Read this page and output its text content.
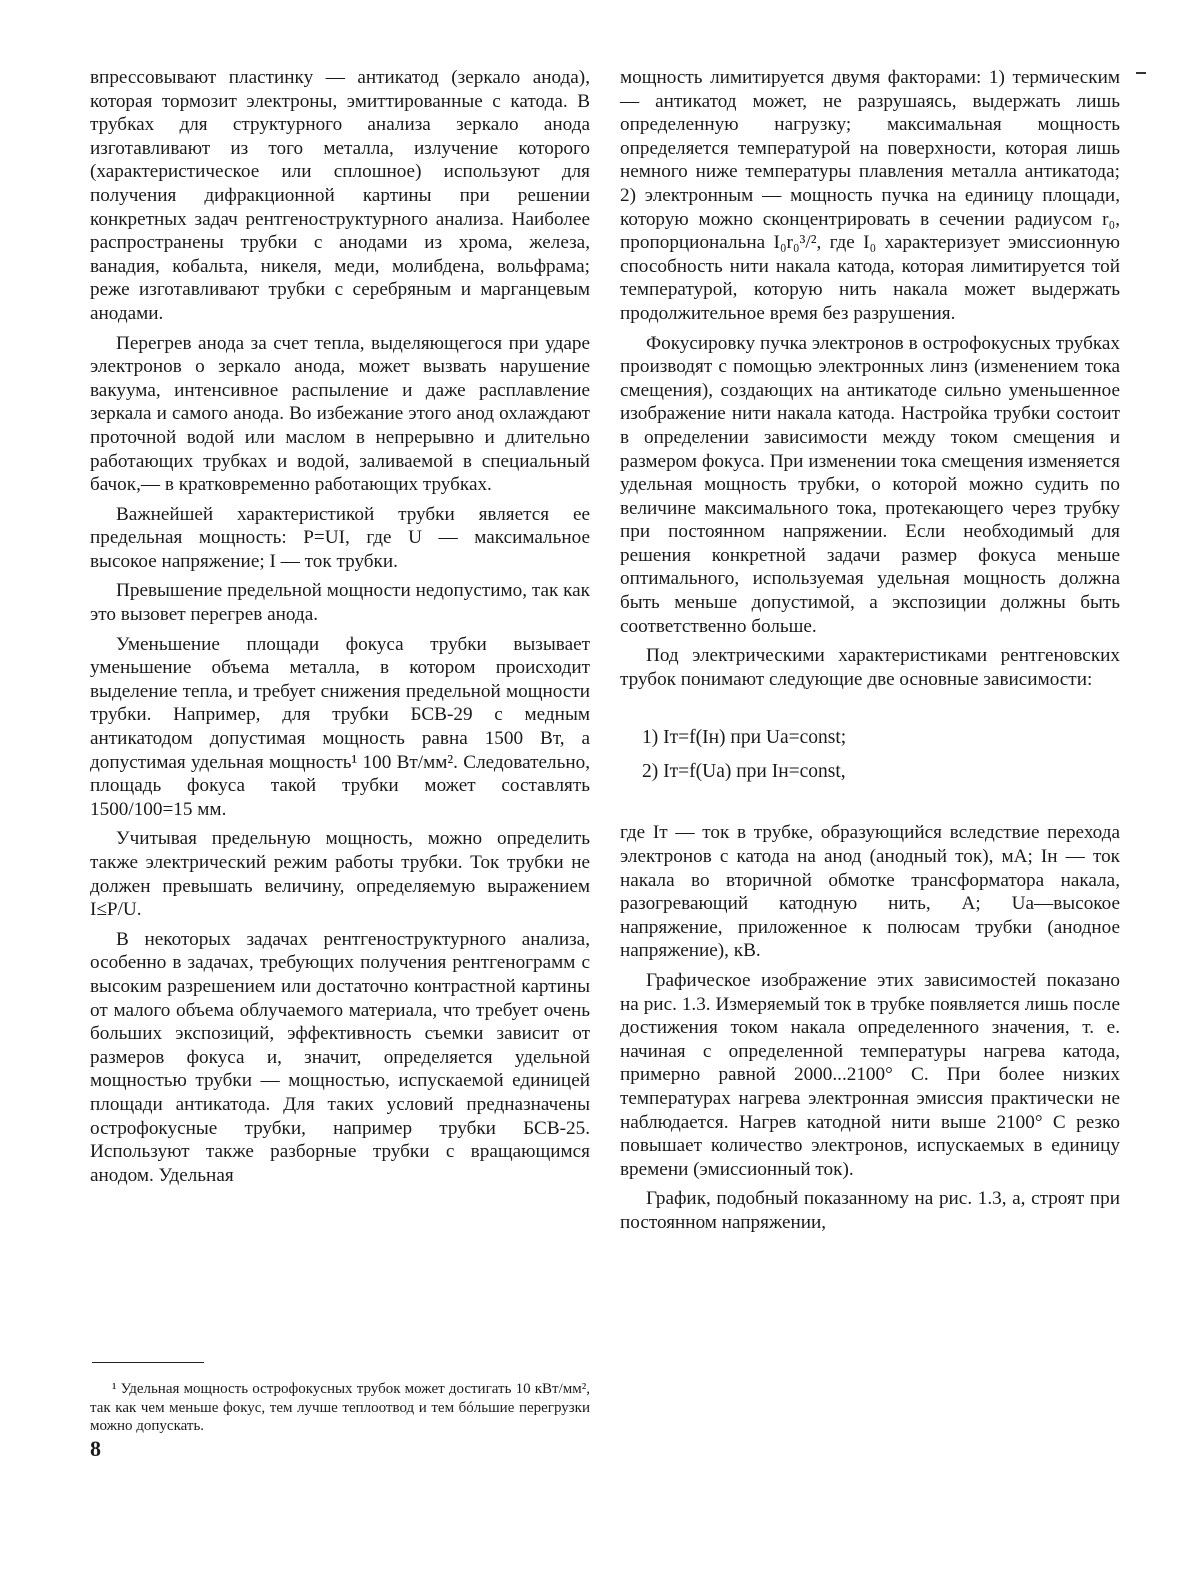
впрессовывают пластинку — антикатод (зеркало анода), которая тормозит электроны, эмиттированные с катода. В трубках для структурного анализа зеркало анода изготавливают из того металла, излучение которого (характеристическое или сплошное) используют для получения дифракционной картины при решении конкретных задач рентгеноструктурного анализа. Наиболее распространены трубки с анодами из хрома, железа, ванадия, кобальта, никеля, меди, молибдена, вольфрама; реже изготавливают трубки с серебряным и марганцевым анодами.

Перегрев анода за счет тепла, выделяющегося при ударе электронов о зеркало анода, может вызвать нарушение вакуума, интенсивное распыление и даже расплавление зеркала и самого анода. Во избежание этого анод охлаждают проточной водой или маслом в непрерывно и длительно работающих трубках и водой, заливаемой в специальный бачок,— в кратковременно работающих трубках.

Важнейшей характеристикой трубки является ее предельная мощность: P=UI, где U — максимальное высокое напряжение; I — ток трубки.

Превышение предельной мощности недопустимо, так как это вызовет перегрев анода.

Уменьшение площади фокуса трубки вызывает уменьшение объема металла, в котором происходит выделение тепла, и требует снижения предельной мощности трубки. Например, для трубки БСВ-29 с медным антикатодом допустимая мощность равна 1500 Вт, а допустимая удельная мощность¹ 100 Вт/мм². Следовательно, площадь фокуса такой трубки может составлять 1500/100=15 мм.

Учитывая предельную мощность, можно определить также электрический режим работы трубки. Ток трубки не должен превышать величину, определяемую выражением I≤P/U.

В некоторых задачах рентгеноструктурного анализа, особенно в задачах, требующих получения рентгенограмм с высоким разрешением или достаточно контрастной картины от малого объема облучаемого материала, что требует очень больших экспозиций, эффективность съемки зависит от размеров фокуса и, значит, определяется удельной мощностью трубки — мощностью, испускаемой единицей площади антикатода. Для таких условий предназначены острофокусные трубки, например трубки БСВ-25. Используют также разборные трубки с вращающимся анодом. Удельная

¹ Удельная мощность острофокусных трубок может достигать 10 кВт/мм², так как чем меньше фокус, тем лучше теплоотвод и тем бóльшие перегрузки можно допускать.
8

мощность лимитируется двумя факторами: 1) термическим — антикатод может, не разрушаясь, выдержать лишь определенную нагрузку; максимальная мощность определяется температурой на поверхности, которая лишь немного ниже температуры плавления металла антикатода; 2) электронным — мощность пучка на единицу площади, которую можно сконцентрировать в сечении радиусом r₀, пропорциональна I₀r₀³/², где I₀ характеризует эмиссионную способность нити накала катода, которая лимитируется той температурой, которую нить накала может выдержать продолжительное время без разрушения.

Фокусировку пучка электронов в острофокусных трубках производят с помощью электронных линз (изменением тока смещения), создающих на антикатоде сильно уменьшенное изображение нити накала катода. Настройка трубки состоит в определении зависимости между током смещения и размером фокуса. При изменении тока смещения изменяется удельная мощность трубки, о которой можно судить по величине максимального тока, протекающего через трубку при постоянном напряжении. Если необходимый для решения конкретной задачи размер фокуса меньше оптимального, используемая удельная мощность должна быть меньше допустимой, а экспозиции должны быть соответственно больше.

Под электрическими характеристиками рентгеновских трубок понимают следующие две основные зависимости:

1) Iт=f(Iн) при Uа=const;
2) Iт=f(Uа) при Iн=const,

где Iт — ток в трубке, образующийся вследствие перехода электронов с катода на анод (анодный ток), мА; Iн — ток накала во вторичной обмотке трансформатора накала, разогревающий катодную нить, А; Uа—высокое напряжение, приложенное к полюсам трубки (анодное напряжение), кВ.

Графическое изображение этих зависимостей показано на рис. 1.3. Измеряемый ток в трубке появляется лишь после достижения током накала определенного значения, т. е. начиная с определенной температуры нагрева катода, примерно равной 2000...2100° С. При более низких температурах нагрева электронная эмиссия практически не наблюдается. Нагрев катодной нити выше 2100° С резко повышает количество электронов, испускаемых в единицу времени (эмиссионный ток).

График, подобный показанному на рис. 1.3, а, строят при постоянном напряжении,
